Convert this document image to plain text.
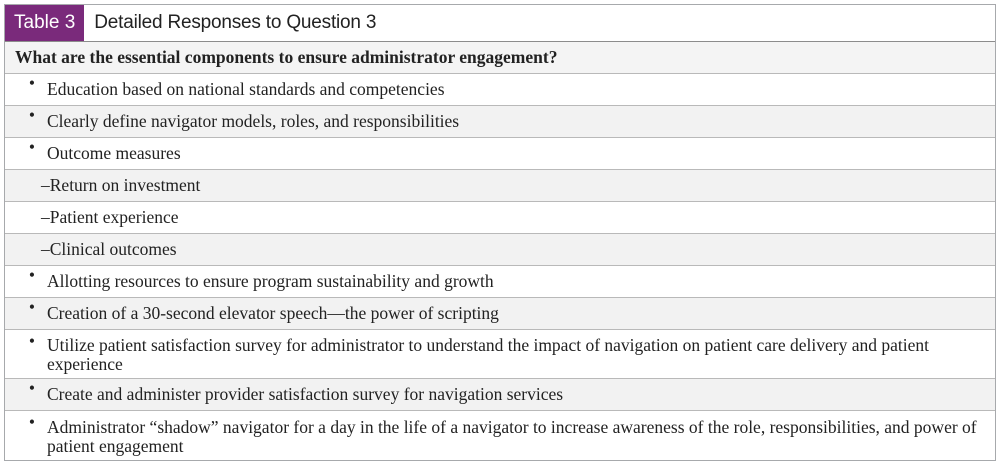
Table 3	Detailed Responses to Question 3
What are the essential components to ensure administrator engagement?
• Education based on national standards and competencies
• Clearly define navigator models, roles, and responsibilities
• Outcome measures
–Return on investment
–Patient experience
–Clinical outcomes
• Allotting resources to ensure program sustainability and growth
• Creation of a 30-second elevator speech—the power of scripting
• Utilize patient satisfaction survey for administrator to understand the impact of navigation on patient care delivery and patient experience
• Create and administer provider satisfaction survey for navigation services
• Administrator “shadow” navigator for a day in the life of a navigator to increase awareness of the role, responsibilities, and power of patient engagement
